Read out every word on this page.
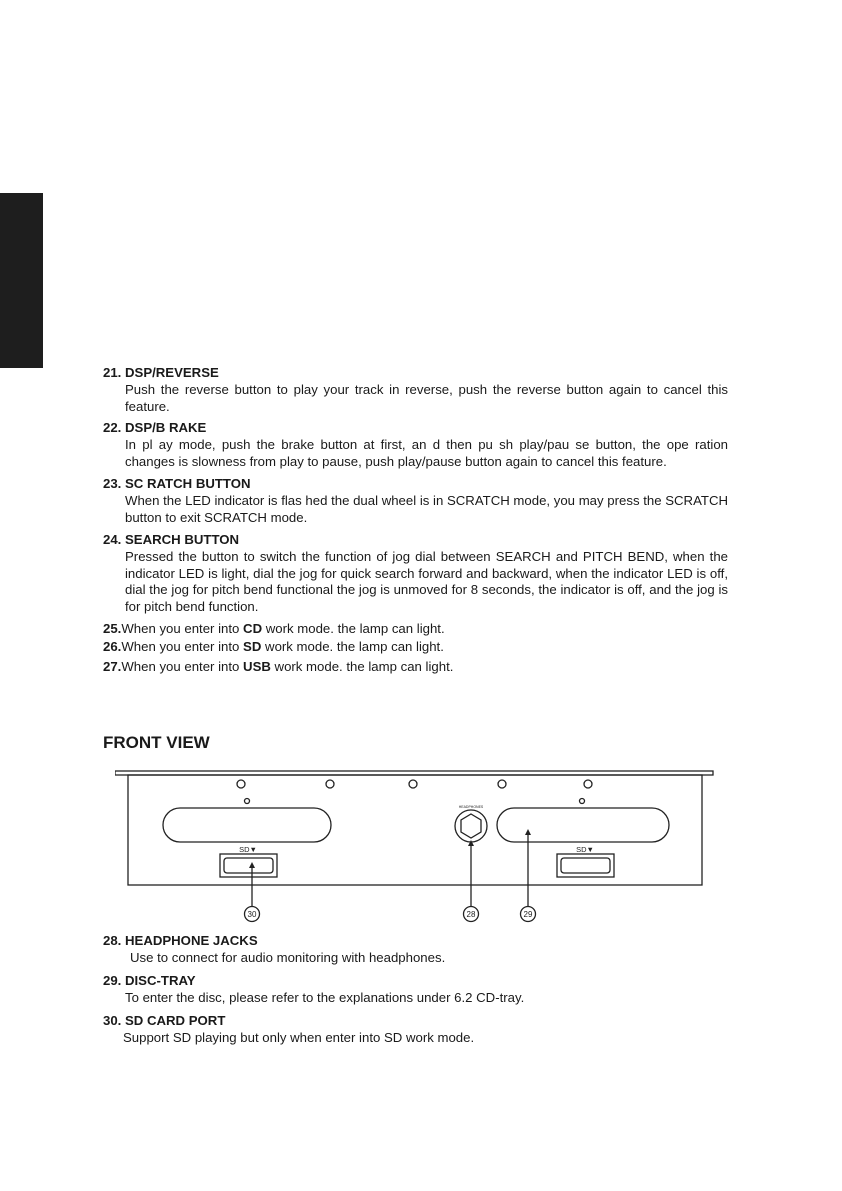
21. DSP/REVERSE
Push the reverse button to play your track in reverse, push the reverse button again to cancel this feature.
22. DSP/B RAKE
In pl ay mode, push the brake button at first, an d then pu sh play/pau se button, the ope ration changes is slowness from play to pause, push play/pause button again to cancel this feature.
23. SC RATCH BUTTON
When the LED indicator is flas hed the dual wheel is in SCRATCH mode, you may press the SCRATCH button to exit SCRATCH mode.
24. SEARCH BUTTON
Pressed the button to switch the function of jog dial between SEARCH and PITCH BEND, when the indicator LED is light, dial the jog for quick search forward and backward, when the indicator LED is off, dial the jog for pitch bend functional the jog is unmoved for 8 seconds, the indicator is off, and the jog is for pitch bend function.
25.When you enter into CD work mode. the lamp can light.
26.When you enter into SD work mode. the lamp can light.
27.When you enter into USB work mode. the lamp can light.
FRONT VIEW
SD▼	SD▼
HEADPHONES
30	28	29
28. HEADPHONE JACKS
Use to connect for audio monitoring with headphones.
29. DISC-TRAY
To enter the disc, please refer to the explanations under 6.2 CD-tray.
30. SD CARD PORT
Support SD playing but only when enter into SD work mode.
